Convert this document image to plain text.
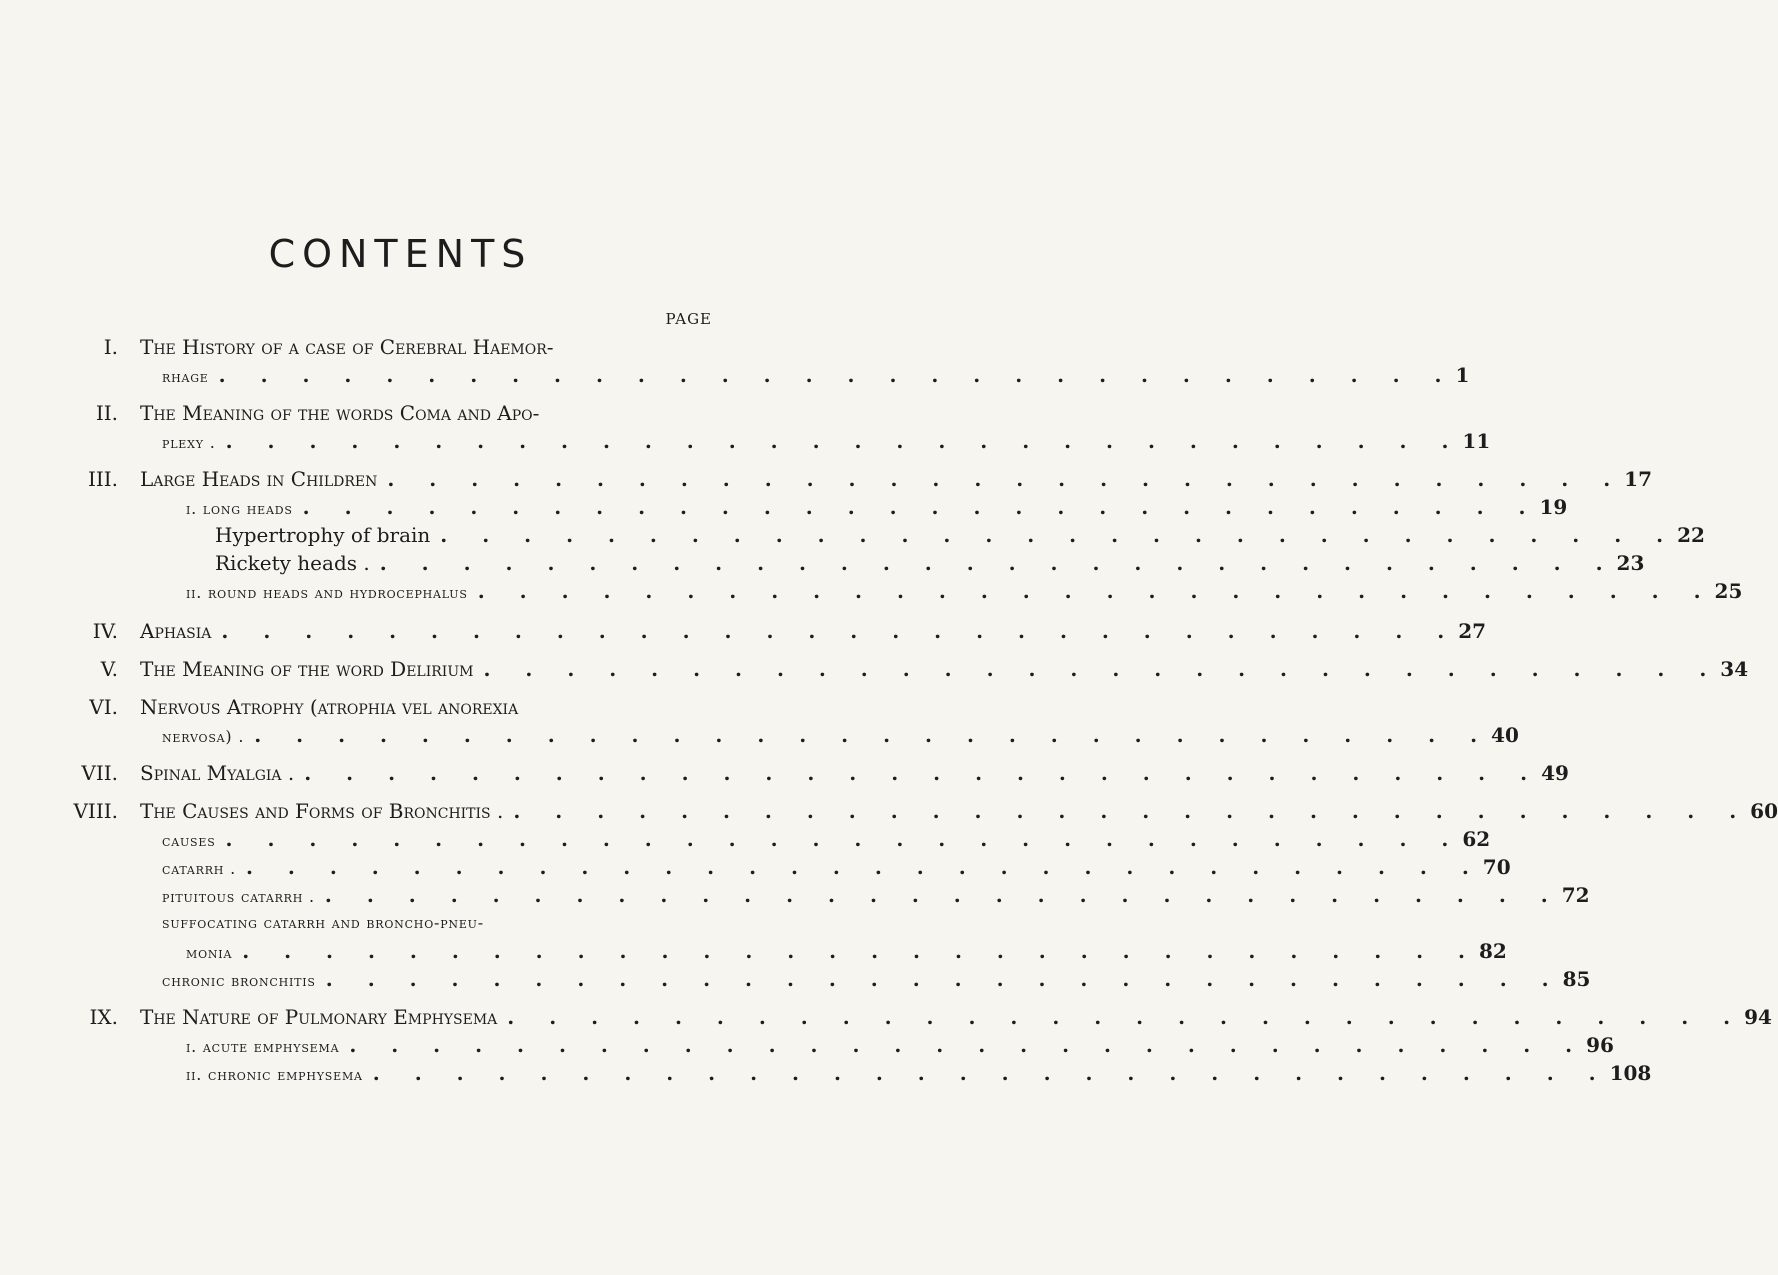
CONTENTS
PAGE
I. The History of a case of Cerebral Haemor-
rhage . . . . . . . . . . . . . . . . . . . . . . . . . . . . . . 1
II. The Meaning of the words Coma and Apo-
plexy . . . . . . . . . . . . . . . . . . . . . . . . . . . . . . . 11
III. Large Heads in Children . . . . . . . . . . . . . . . . . . . . . . . . . . . . . . 17
i. long heads . . . . . . . . . . . . . . . . . . . . . . . . . . . . . . 19
Hypertrophy of brain . . . . . . . . . . . . . . . . . . . . . . . . . . . . . . 22
Rickety heads . . . . . . . . . . . . . . . . . . . . . . . . . . . . . . . 23
ii. round heads and hydrocephalus . . . . . . . . . . . . . . . . . . . . . . . . . . . . . . 25
IV. Aphasia . . . . . . . . . . . . . . . . . . . . . . . . . . . . . . 27
V. The Meaning of the word Delirium . . . . . . . . . . . . . . . . . . . . . . . . . . . . . . 34
VI. Nervous Atrophy (atrophia vel anorexia
nervosa) . . . . . . . . . . . . . . . . . . . . . . . . . . . . . . . 40
VII. Spinal Myalgia . . . . . . . . . . . . . . . . . . . . . . . . . . . . . . . 49
VIII. The Causes and Forms of Bronchitis . . . . . . . . . . . . . . . . . . . . . . . . . . . . . . . 60
causes . . . . . . . . . . . . . . . . . . . . . . . . . . . . . . 62
catarrh . . . . . . . . . . . . . . . . . . . . . . . . . . . . . . . 70
pituitous catarrh . . . . . . . . . . . . . . . . . . . . . . . . . . . . . . . 72
suffocating catarrh and broncho-pneu-
monia . . . . . . . . . . . . . . . . . . . . . . . . . . . . . . 82
chronic bronchitis . . . . . . . . . . . . . . . . . . . . . . . . . . . . . . 85
IX. The Nature of Pulmonary Emphysema . . . . . . . . . . . . . . . . . . . . . . . . . . . . . . 94
i. acute emphysema . . . . . . . . . . . . . . . . . . . . . . . . . . . . . . 96
ii. chronic emphysema . . . . . . . . . . . . . . . . . . . . . . . . . . . . . . 108
